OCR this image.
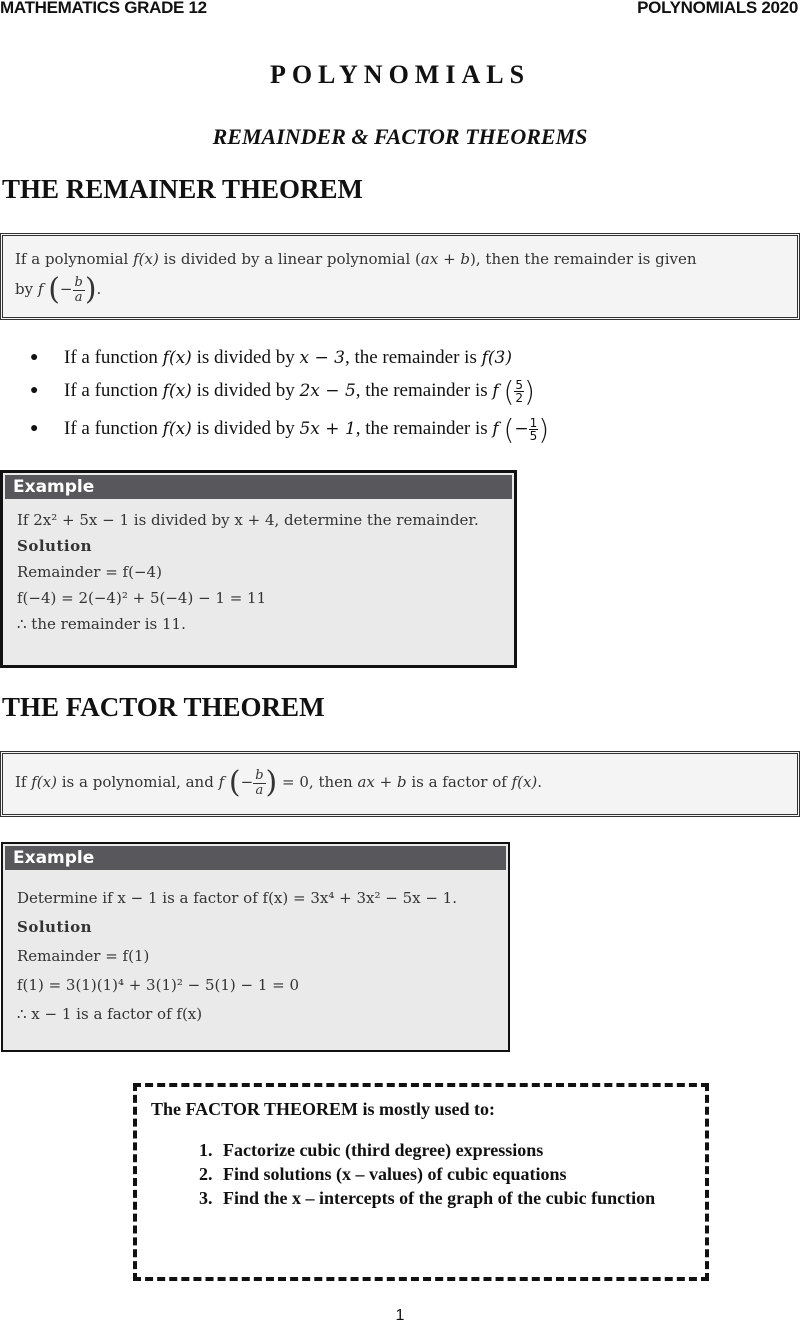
MATHEMATICS GRADE 12	POLYNOMIALS 2020
POLYNOMIALS
REMAINDER & FACTOR THEOREMS
THE REMAINER THEOREM
If a polynomial f(x) is divided by a linear polynomial (ax + b), then the remainder is given
by f (− $\frac{b}{a}$ ).
●	If a function
f(x)
is divided by
x − 3 , the remainder is
f(3)
●	If a function
f(x)
is divided by
2x − 5 , the remainder is
f
( 5
2 )
●	If a function
f(x)
is divided by
5x + 1 , the remainder is
f
( − $\frac{1}{5}$ )
Example
If 2x² + 5x − 1 is divided by x + 4, determine the remainder.
Solution
Remainder = f(−4)
f(−4) = 2(−4)² + 5(−4) − 1 = 11
∴ the remainder is 11.
THE FACTOR THEOREM
If f(x) is a polynomial, and f (− $\frac{b}{a}$ ) = 0, then ax + b is a factor of f(x).
Example
Determine if x − 1 is a factor of f(x) = 3x⁴ + 3x² − 5x − 1.
Solution
Remainder = f(1)
f(1) = 3(1)(1)⁴ + 3(1)² − 5(1) − 1 = 0
∴ x − 1 is a factor of f(x)
The FACTOR THEOREM is mostly used to:
1. Factorize cubic (third degree) expressions
2. Find solutions (x – values) of cubic equations
3. Find the x – intercepts of the graph of the cubic function
1
